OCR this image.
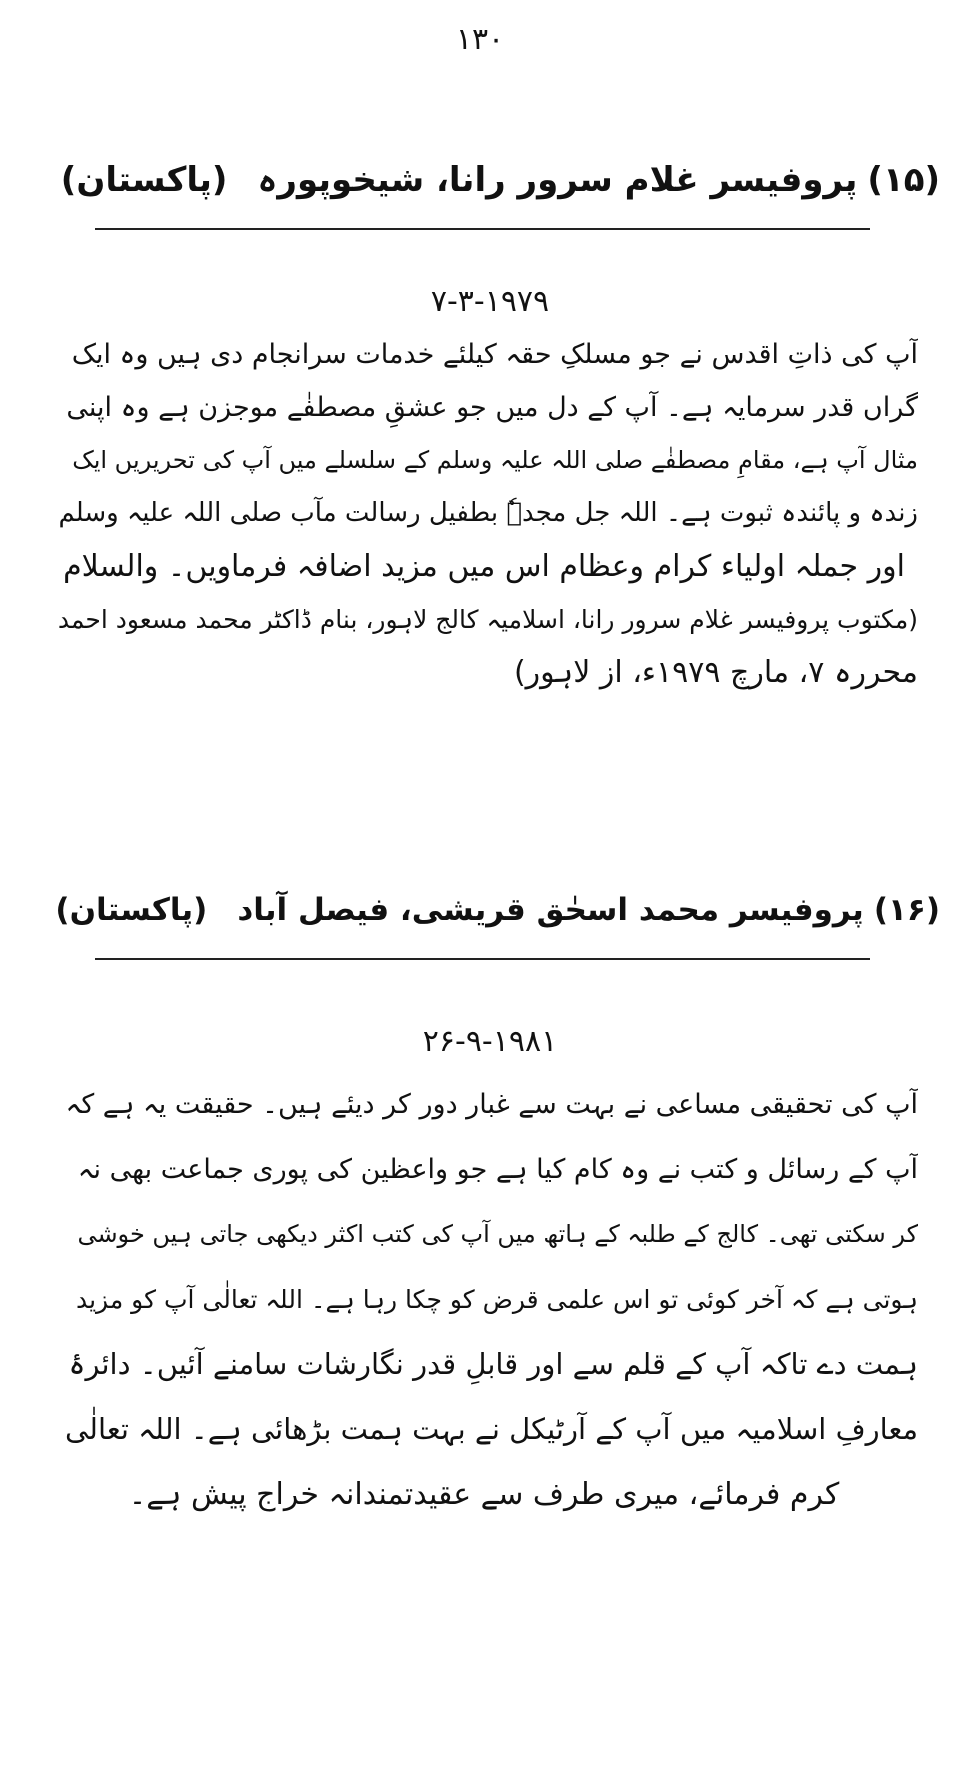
۱۳۰
(۱۵)پروفیسر غلام سرور رانا، شیخوپورہ(پاکستان)
۷-۳-۱۹۷۹
آپ کی ذاتِ اقدس نے جو مسلکِ حقہ کیلئے خدمات سرانجام دی ہیں وہ ایک
گراں قدر سرمایہ ہے۔ آپ کے دل میں جو عشقِ مصطفٰے موجزن ہے وہ اپنی
مثال آپ ہے، مقامِ مصطفٰے صلی اللہ علیہ وسلم کے سلسلے میں آپ کی تحریریں ایک
زندہ و پائندہ ثبوت ہے۔ اللہ جل مجدہٗ بطفیل رسالت مآب صلی اللہ علیہ وسلم
اور جملہ اولیاء کرام وعظام اس میں مزید اضافہ فرماویں۔ والسلام
(مکتوب پروفیسر غلام سرور رانا، اسلامیہ کالج لاہور، بنام ڈاکٹر محمد مسعود احمد
محررہ ۷، مارچ ۱۹۷۹ء، از لاہور)
(۱۶)پروفیسر محمد اسحٰق قریشی، فیصل آباد(پاکستان)
۲۶-۹-۱۹۸۱
آپ کی تحقیقی مساعی نے بہت سے غبار دور کر دیئے ہیں۔ حقیقت یہ ہے کہ
آپ کے رسائل و کتب نے وہ کام کیا ہے جو واعظین کی پوری جماعت بھی نہ
کر سکتی تھی۔ کالج کے طلبہ کے ہاتھ میں آپ کی کتب اکثر دیکھی جاتی ہیں خوشی
ہوتی ہے کہ آخر کوئی تو اس علمی قرض کو چکا رہا ہے۔ اللہ تعالٰی آپ کو مزید
ہمت دے تاکہ آپ کے قلم سے اور قابلِ قدر نگارشات سامنے آئیں۔ دائرۂ
معارفِ اسلامیہ میں آپ کے آرٹیکل نے بہت ہمت بڑھائی ہے۔ اللہ تعالٰی
کرم فرمائے، میری طرف سے عقیدتمندانہ خراج پیش ہے۔
